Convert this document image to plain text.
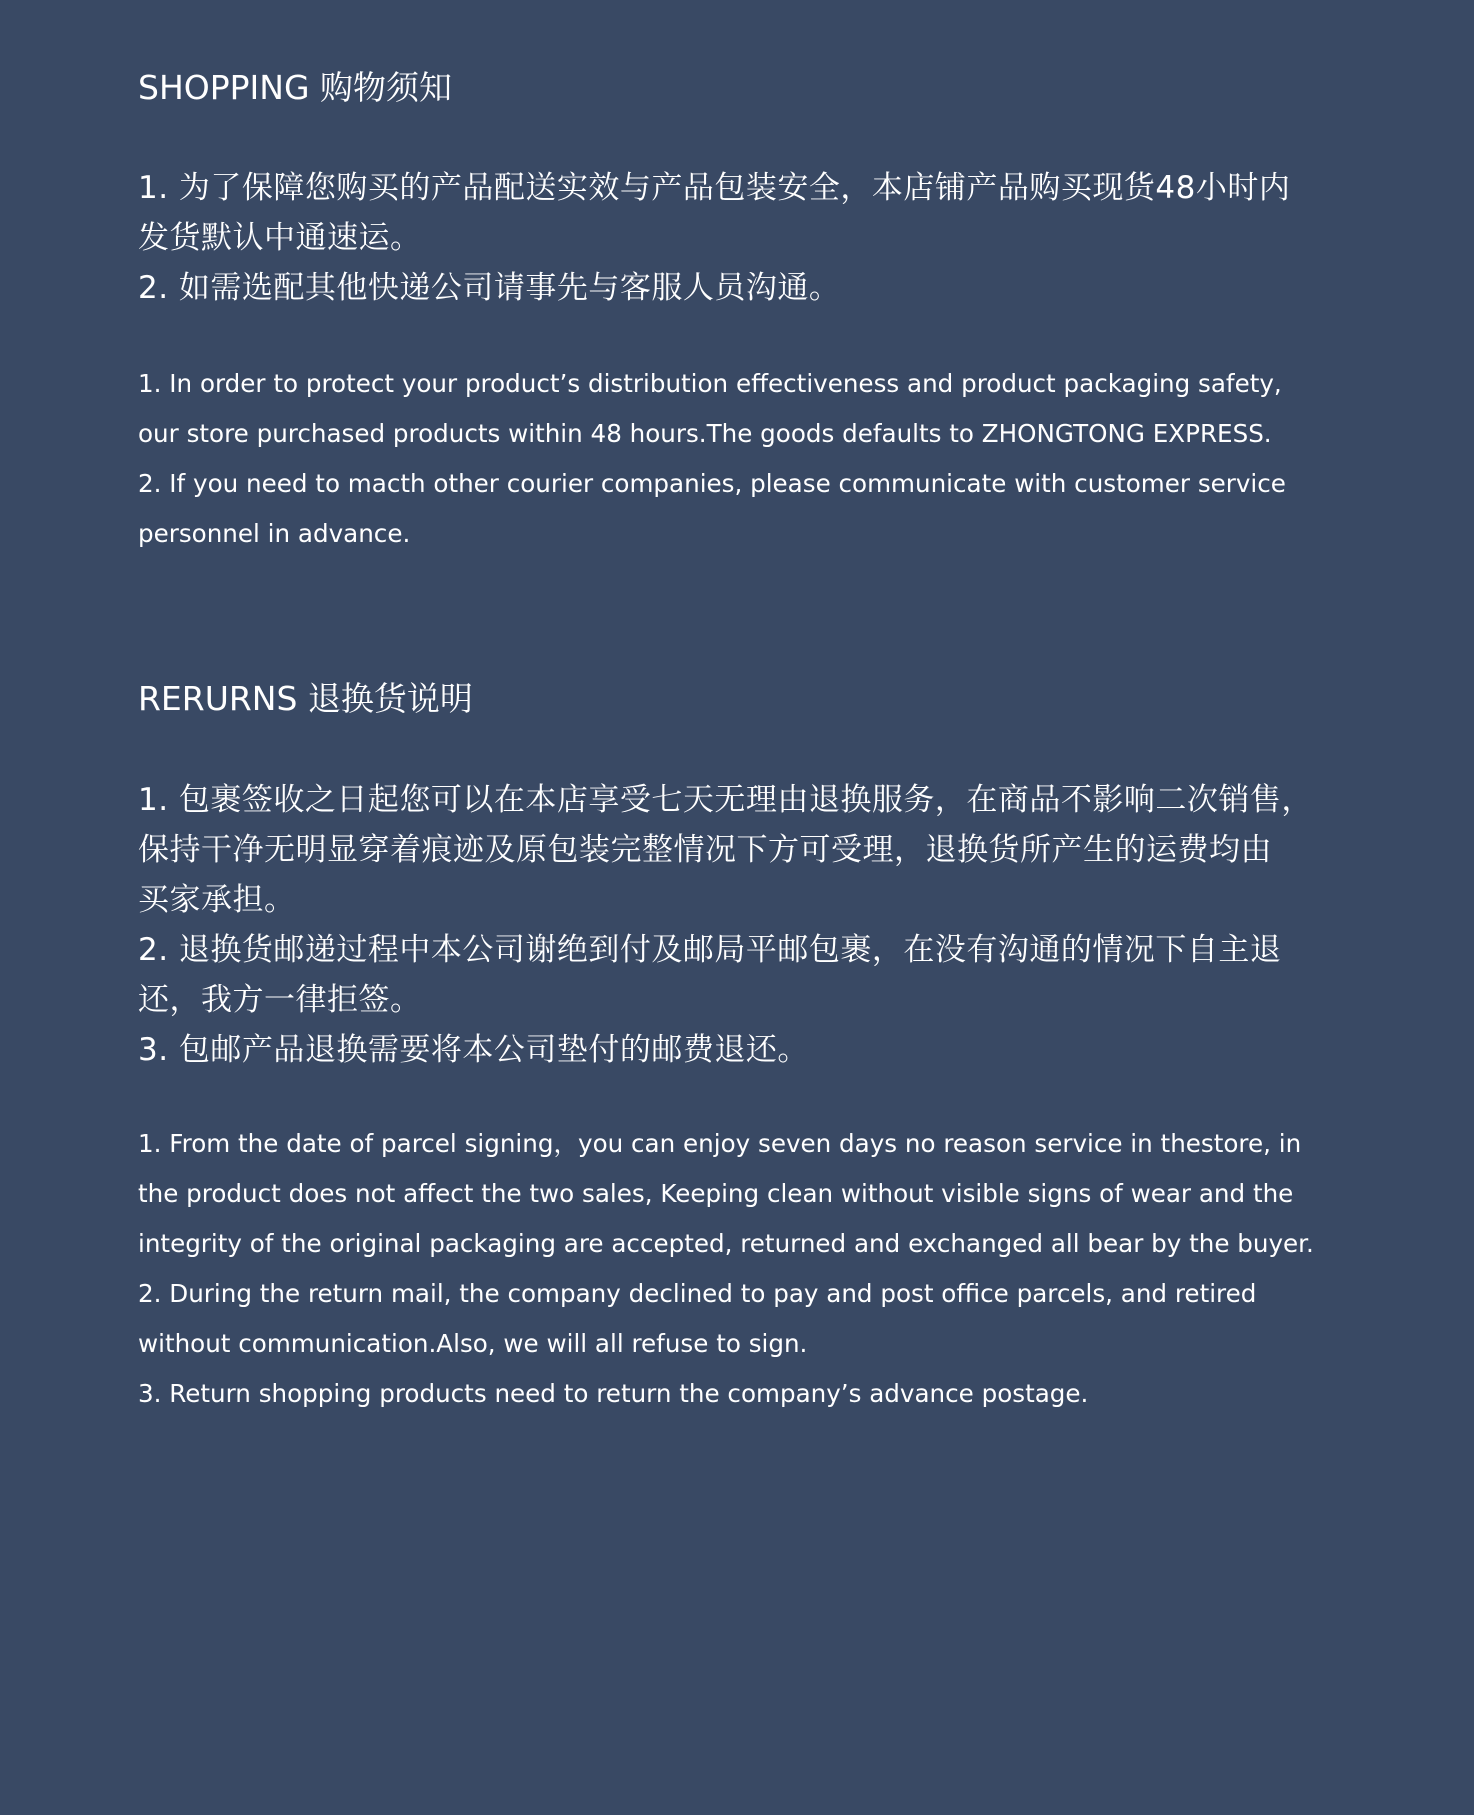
SHOPPING 购物须知
1. 为了保障您购买的产品配送实效与产品包装安全，本店铺产品购买现货48小时内
发货默认中通速运。
2. 如需选配其他快递公司请事先与客服人员沟通。
1. In order to protect your product’s distribution effectiveness and product packaging safety,
our store purchased products within 48 hours.The goods defaults to ZHONGTONG EXPRESS.
2. If you need to macth other courier companies, please communicate with customer service
personnel in advance.
RERURNS 退换货说明
1. 包裹签收之日起您可以在本店享受七天无理由退换服务，在商品不影响二次销售，
保持干净无明显穿着痕迹及原包装完整情况下方可受理，退换货所产生的运费均由
买家承担。
2. 退换货邮递过程中本公司谢绝到付及邮局平邮包裹，在没有沟通的情况下自主退
还，我方一律拒签。
3. 包邮产品退换需要将本公司垫付的邮费退还。
1. From the date of parcel signing，you can enjoy seven days no reason service in thestore, in
the product does not affect the two sales, Keeping clean without visible signs of wear and the
integrity of the original packaging are accepted, returned and exchanged all bear by the buyer.
2. During the return mail, the company declined to pay and post office parcels, and retired
without communication.Also, we will all refuse to sign.
3. Return shopping products need to return the company’s advance postage.
